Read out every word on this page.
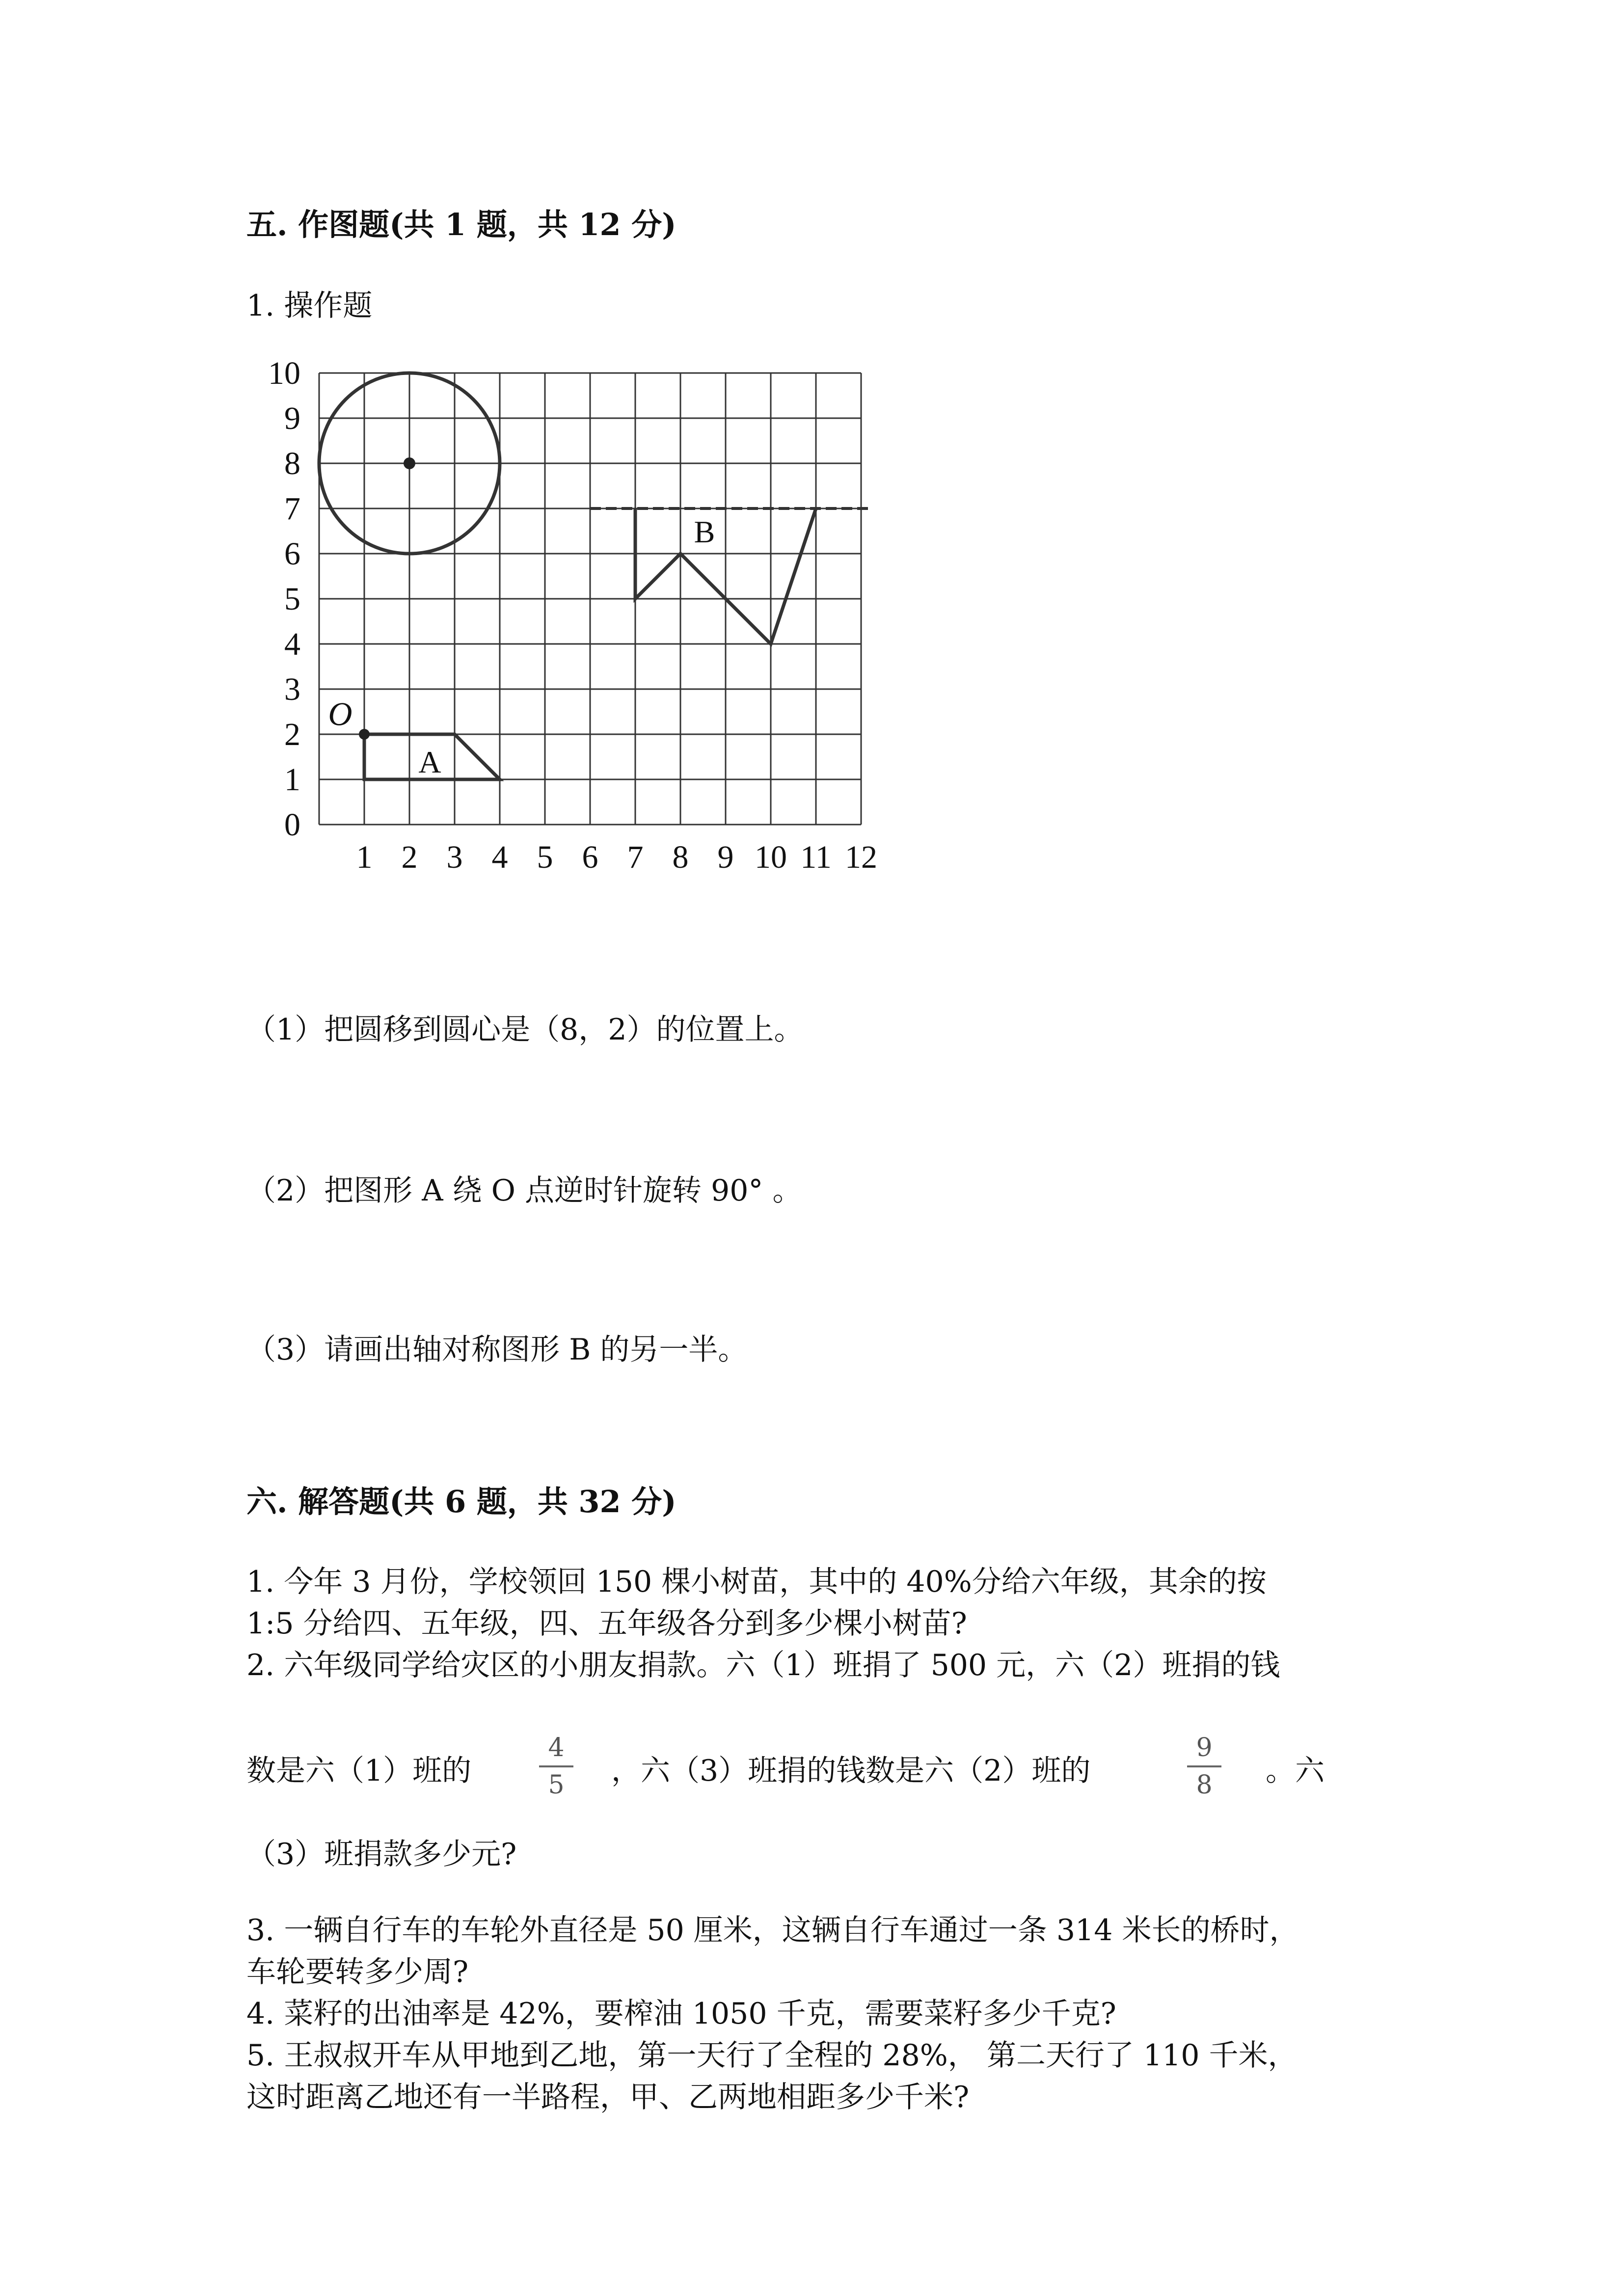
五. 作图题(共 1 题，共 12 分)
1. 操作题
0
1
2
3
4
5
6
7
8
9
10
1 2 3 4 5 6 7 8 9 10 11 12
O
A
B
（1）把圆移到圆心是（8，2）的位置上。
（2）把图形 A 绕 O 点逆时针旋转 90° 。
（3）请画出轴对称图形 B 的另一半。
六. 解答题(共 6 题，共 32 分)
1. 今年 3 月份，学校领回 150 棵小树苗，其中的 40%分给六年级，其余的按
1:5 分给四、五年级，四、五年级各分到多少棵小树苗?
2. 六年级同学给灾区的小朋友捐款。六（1）班捐了 500 元，六（2）班捐的钱
数是六（1）班的	$\frac{4}{5}$ ，六（3）班捐的钱数是六（2）班的	$\frac{9}{8}$ 。六
（3）班捐款多少元?
3. 一辆自行车的车轮外直径是 50 厘米，这辆自行车通过一条 314 米长的桥时，
车轮要转多少周?
4. 菜籽的出油率是 42%，要榨油 1050 千克，需要菜籽多少千克?
5. 王叔叔开车从甲地到乙地，第一天行了全程的 28%， 第二天行了 110 千米，
这时距离乙地还有一半路程，甲、乙两地相距多少千米?
